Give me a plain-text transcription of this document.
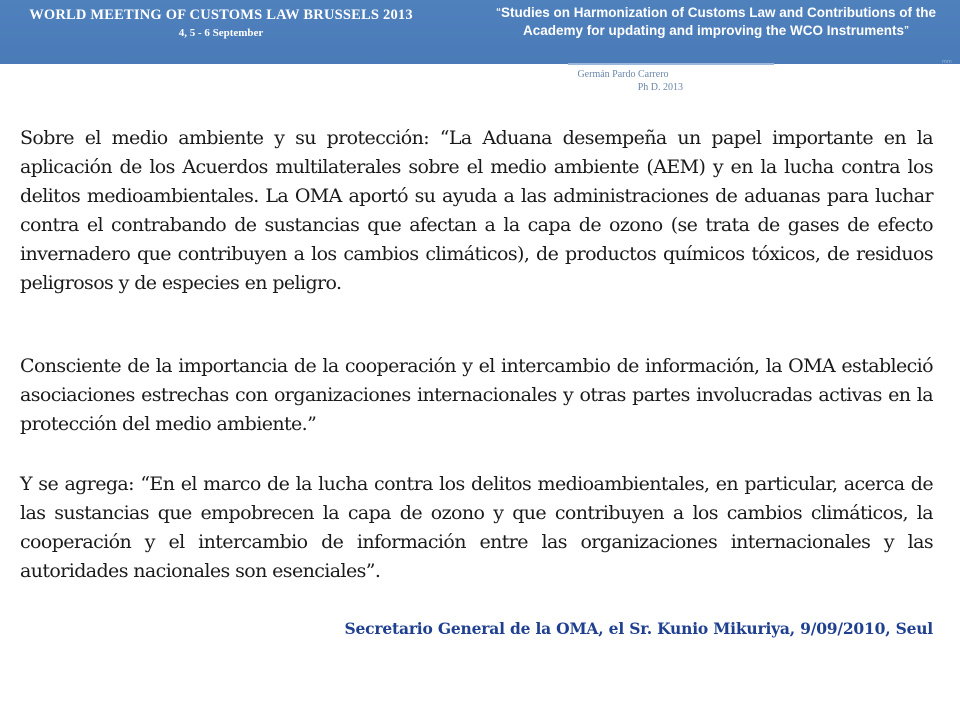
WORLD MEETING OF CUSTOMS LAW BRUSSELS 2013
4, 5 - 6 September
“Studies on Harmonization of Customs Law and Contributions of the Academy for updating and improving the WCO Instruments”
mm
Germán Pardo Carrero
Ph D. 2013

Sobre el medio ambiente y su protección: “La Aduana desempeña un papel importante en la aplicación de los Acuerdos multilaterales sobre el medio ambiente (AEM) y en la lucha contra los delitos medioambientales. La OMA aportó su ayuda a las administraciones de aduanas para luchar contra el contrabando de sustancias que afectan a la capa de ozono (se trata de gases de efecto invernadero que contribuyen a los cambios climáticos), de productos químicos tóxicos, de residuos peligrosos y de especies en peligro.

Consciente de la importancia de la cooperación y el intercambio de información, la OMA estableció asociaciones estrechas con organizaciones internacionales y otras partes involucradas activas en la protección del medio ambiente.”

Y se agrega: “En el marco de la lucha contra los delitos medioambientales, en particular, acerca de las sustancias que empobrecen la capa de ozono y que contribuyen a los cambios climáticos, la cooperación y el intercambio de información entre las organizaciones internacionales y las autoridades nacionales son esenciales”.

Secretario General de la OMA, el Sr. Kunio Mikuriya, 9/09/2010, Seul
